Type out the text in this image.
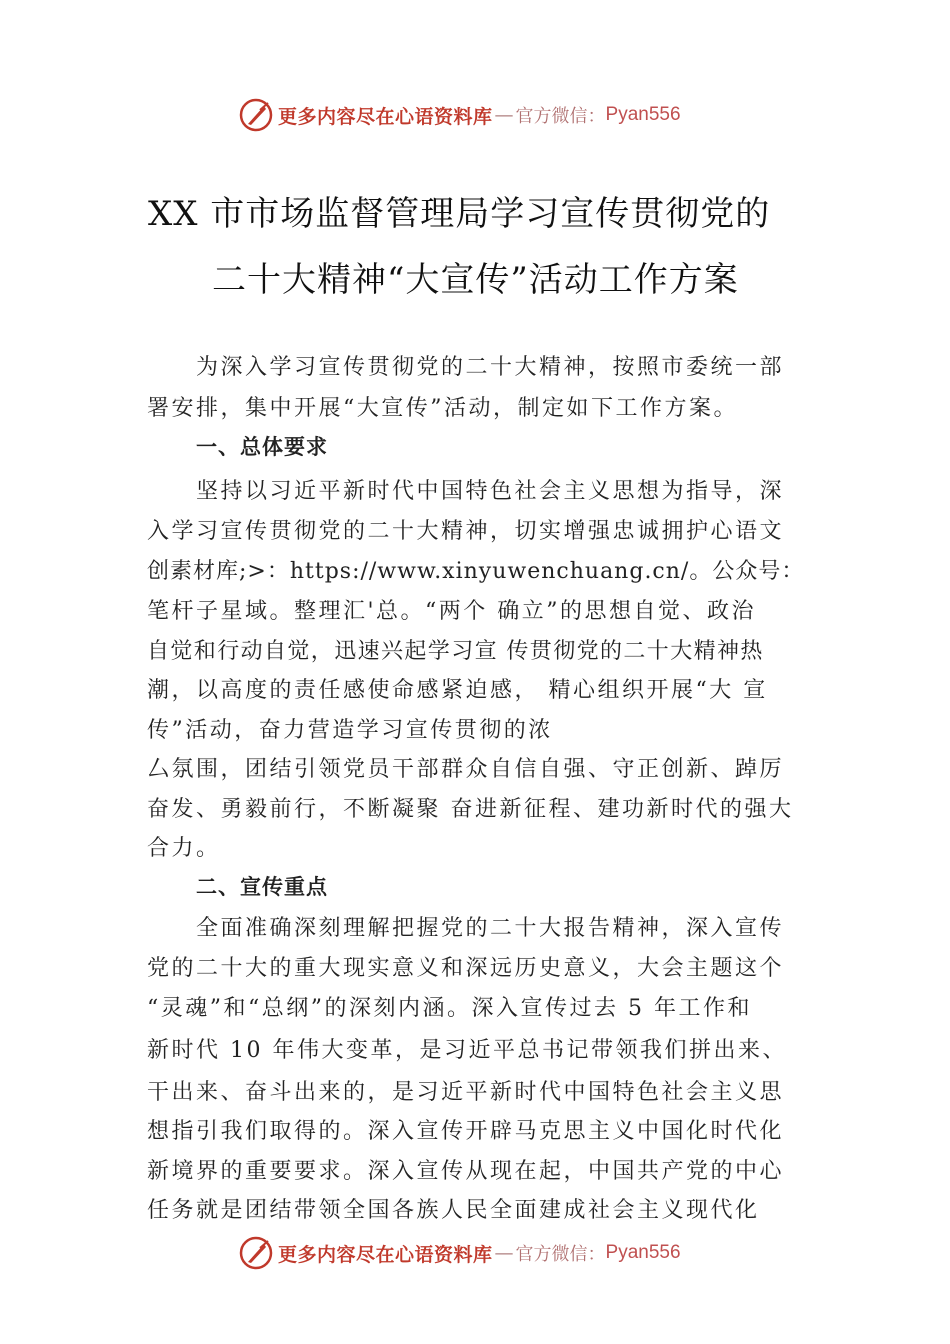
更多内容尽在心语资料库 — 官方微信： Pyan556
XX 市市场监督管理局学习宣传贯彻党的
二十大精神“大宣传”活动工作方案
为深入学习宣传贯彻党的二十大精神，按照市委统一部
署安排，集中开展“大宣传”活动，制定如下工作方案。
一、总体要求
坚持以习近平新时代中国特色社会主义思想为指导，深
入学习宣传贯彻党的二十大精神，切实增强忠诚拥护心语文
创素材库;>：https://www.xinyuwenchuang.cn/。公众号：
笔杆子星域。整理汇'总。“两个 确立”的思想自觉、政治
自觉和行动自觉，迅速兴起学习宣 传贯彻党的二十大精神热
潮，以高度的责任感使命感紧迫感， 精心组织开展“大 宣
传”活动，奋力营造学习宣传贯彻的浓
厶氛围，团结引领党员干部群众自信自强、守正创新、踔厉
奋发、勇毅前行，不断凝聚 奋进新征程、建功新时代的强大
合力。
二、宣传重点
全面准确深刻理解把握党的二十大报告精神，深入宣传
党的二十大的重大现实意义和深远历史意义，大会主题这个
“灵魂”和“总纲”的深刻内涵。深入宣传过去 5 年工作和
新时代 10 年伟大变革，是习近平总书记带领我们拼出来、
干出来、奋斗出来的，是习近平新时代中国特色社会主义思
想指引我们取得的。深入宣传开辟马克思主义中国化时代化
新境界的重要要求。深入宣传从现在起，中国共产党的中心
任务就是团结带领全国各族人民全面建成社会主义现代化
更多内容尽在心语资料库 — 官方微信： Pyan556
